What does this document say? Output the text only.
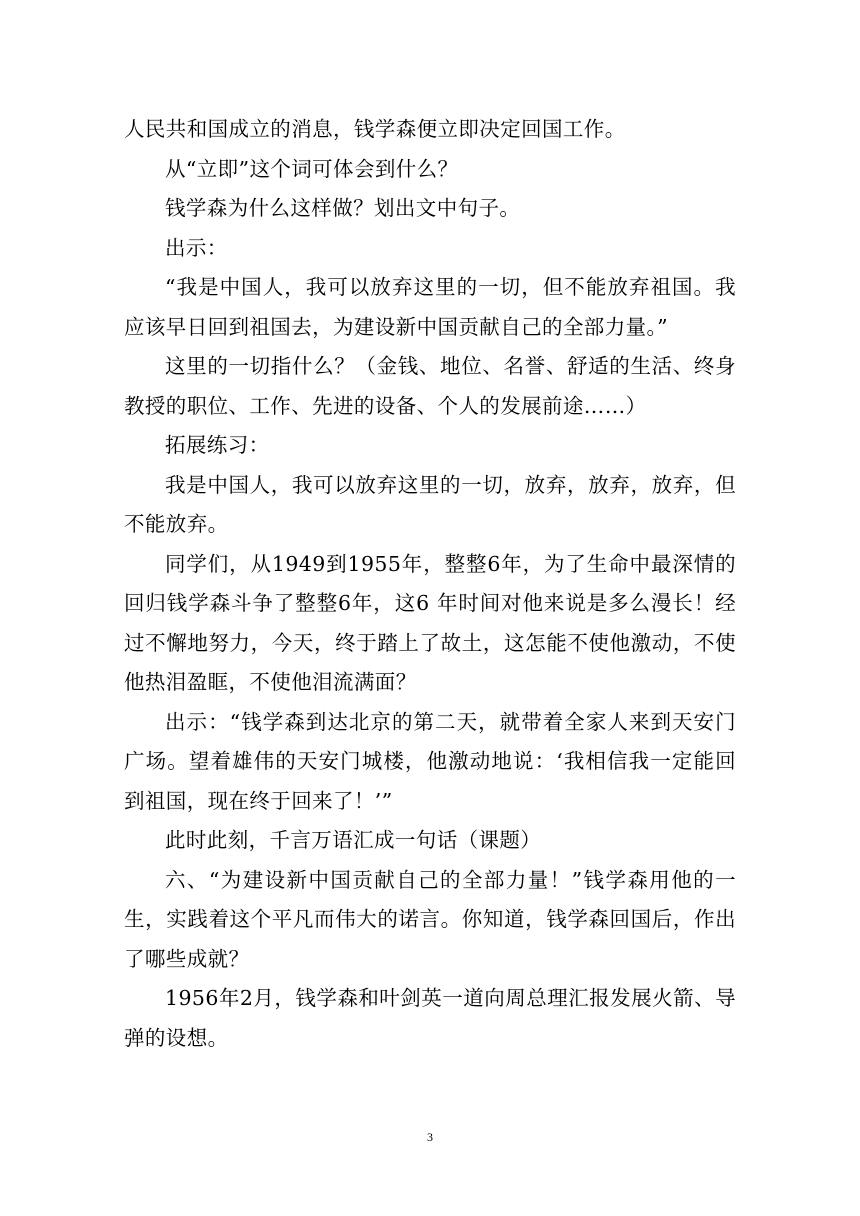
人民共和国成立的消息，钱学森便立即决定回国工作。

从“立即”这个词可体会到什么？

钱学森为什么这样做？划出文中句子。

出示：

“我是中国人，我可以放弃这里的一切，但不能放弃祖国。我应该早日回到祖国去，为建设新中国贡献自己的全部力量。”

这里的一切指什么？（金钱、地位、名誉、舒适的生活、终身教授的职位、工作、先进的设备、个人的发展前途……）

拓展练习：

我是中国人，我可以放弃这里的一切，放弃，放弃，放弃，但不能放弃。

同学们，从1949到1955年，整整6年，为了生命中最深情的回归钱学森斗争了整整6年，这6 年时间对他来说是多么漫长！经过不懈地努力，今天，终于踏上了故土，这怎能不使他激动，不使他热泪盈眶，不使他泪流满面？

出示：“钱学森到达北京的第二天，就带着全家人来到天安门广场。望着雄伟的天安门城楼，他激动地说：‘我相信我一定能回到祖国，现在终于回来了！’”

此时此刻，千言万语汇成一句话（课题）

六、“为建设新中国贡献自己的全部力量！”钱学森用他的一生，实践着这个平凡而伟大的诺言。你知道，钱学森回国后，作出了哪些成就？

1956年2月，钱学森和叶剑英一道向周总理汇报发展火箭、导弹的设想。

3
